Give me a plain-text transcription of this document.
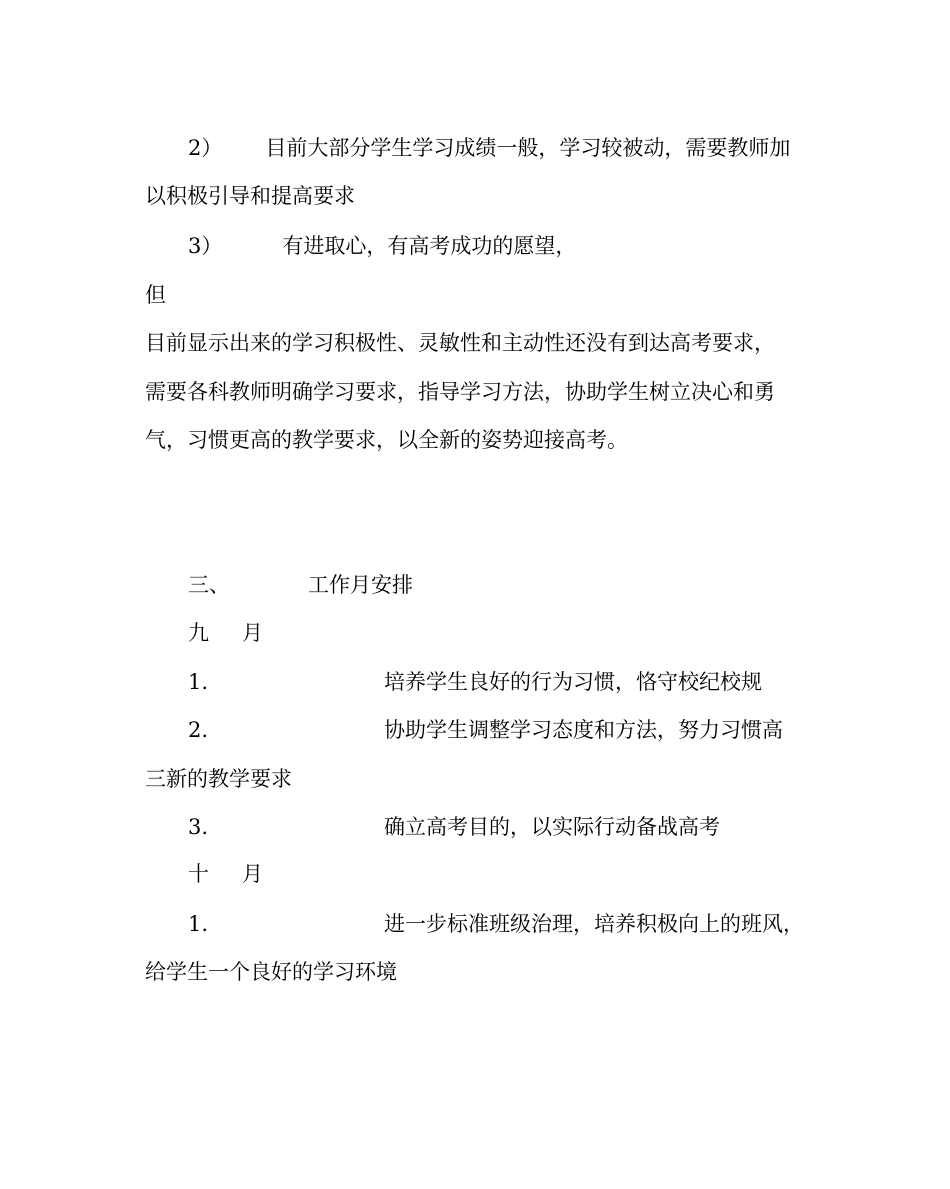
2） 目前大部分学生学习成绩一般，学习较被动，需要教师加

以积极引导和提高要求

3）	有进取心，有高考成功的愿望，

但

目前显示出来的学习积极性、灵敏性和主动性还没有到达高考要求，

需要各科教师明确学习要求，指导学习方法，协助学生树立决心和勇

气，习惯更高的教学要求，以全新的姿势迎接高考。

三、	工作月安排

九 月

1.	培养学生良好的行为习惯，恪守校纪校规

2.	协助学生调整学习态度和方法，努力习惯高

三新的教学要求

3.	确立高考目的，以实际行动备战高考

十 月

1.	进一步标准班级治理，培养积极向上的班风，

给学生一个良好的学习环境
